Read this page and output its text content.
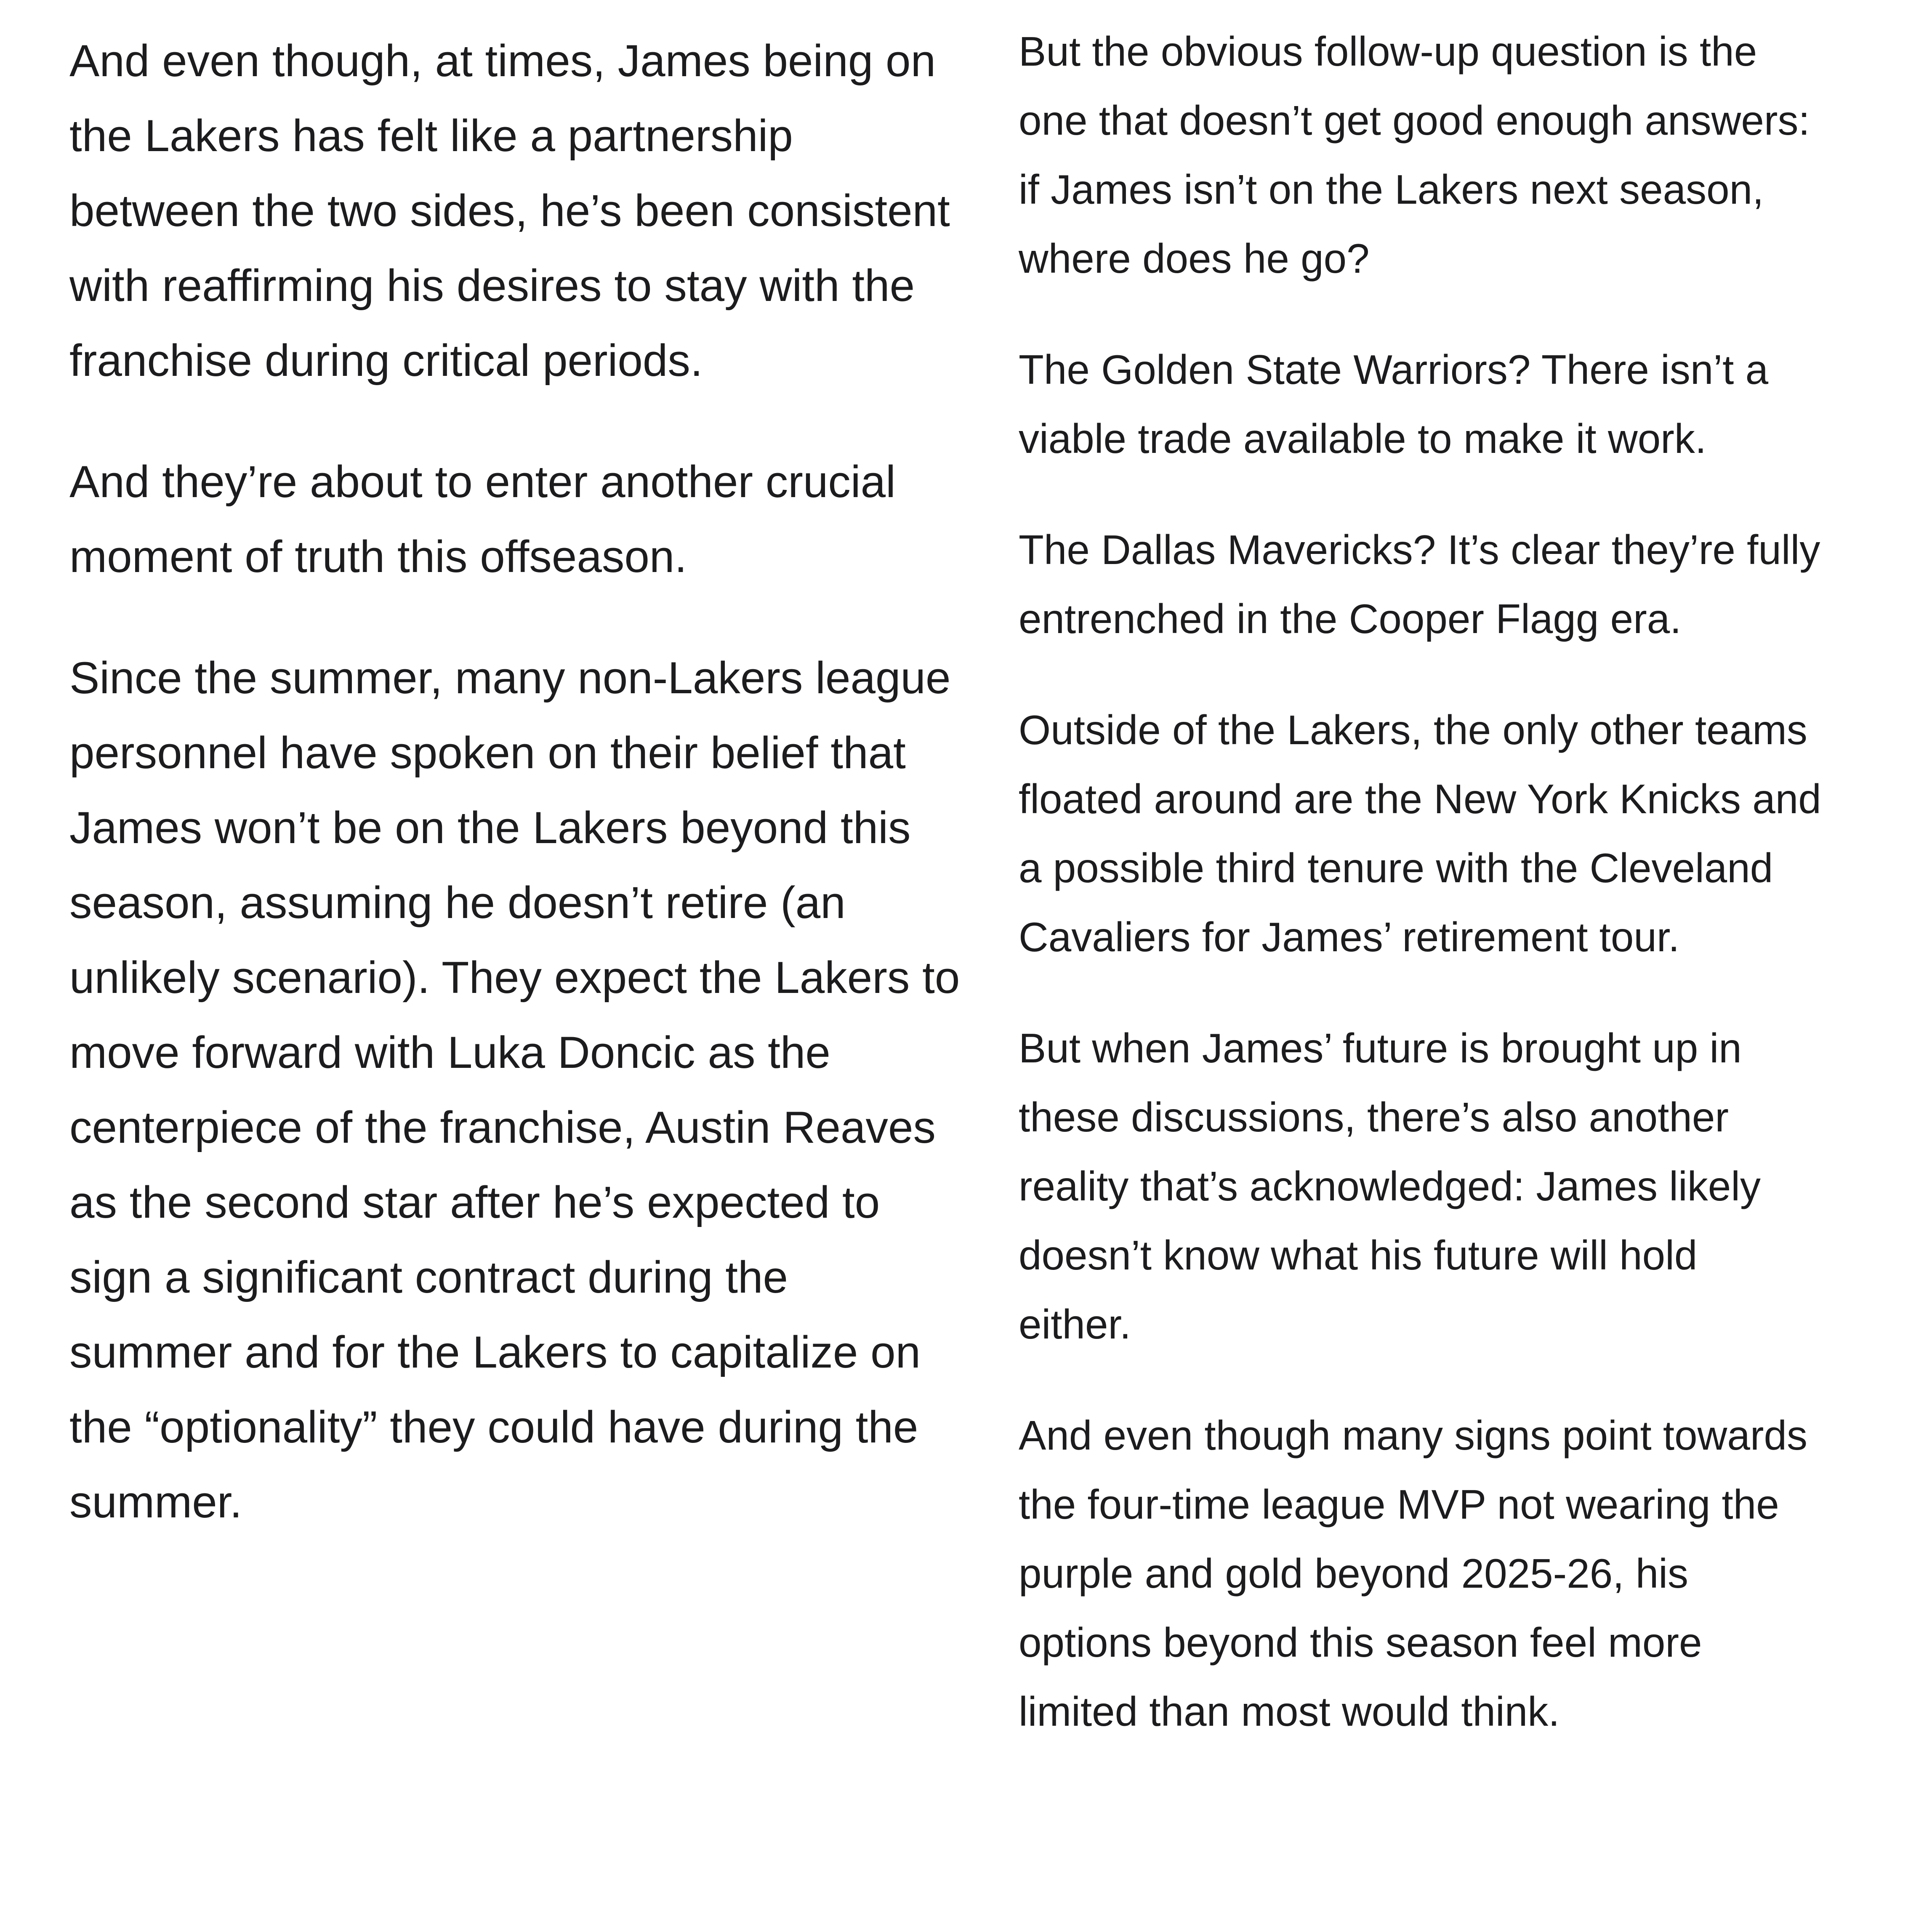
And even though, at times, James being on
the Lakers has felt like a partnership
between the two sides, he’s been consistent
with reaffirming his desires to stay with the
franchise during critical periods.

And they’re about to enter another crucial
moment of truth this offseason.

Since the summer, many non-Lakers league
personnel have spoken on their belief that
James won’t be on the Lakers beyond this
season, assuming he doesn’t retire (an
unlikely scenario). They expect the Lakers to
move forward with Luka Doncic as the
centerpiece of the franchise, Austin Reaves
as the second star after he’s expected to
sign a significant contract during the
summer and for the Lakers to capitalize on
the “optionality” they could have during the
summer.

But the obvious follow-up question is the
one that doesn’t get good enough answers:
if James isn’t on the Lakers next season,
where does he go?

The Golden State Warriors? There isn’t a
viable trade available to make it work.

The Dallas Mavericks? It’s clear they’re fully
entrenched in the Cooper Flagg era.

Outside of the Lakers, the only other teams
floated around are the New York Knicks and
a possible third tenure with the Cleveland
Cavaliers for James’ retirement tour.

But when James’ future is brought up in
these discussions, there’s also another
reality that’s acknowledged: James likely
doesn’t know what his future will hold
either.

And even though many signs point towards
the four-time league MVP not wearing the
purple and gold beyond 2025-26, his
options beyond this season feel more
limited than most would think.
